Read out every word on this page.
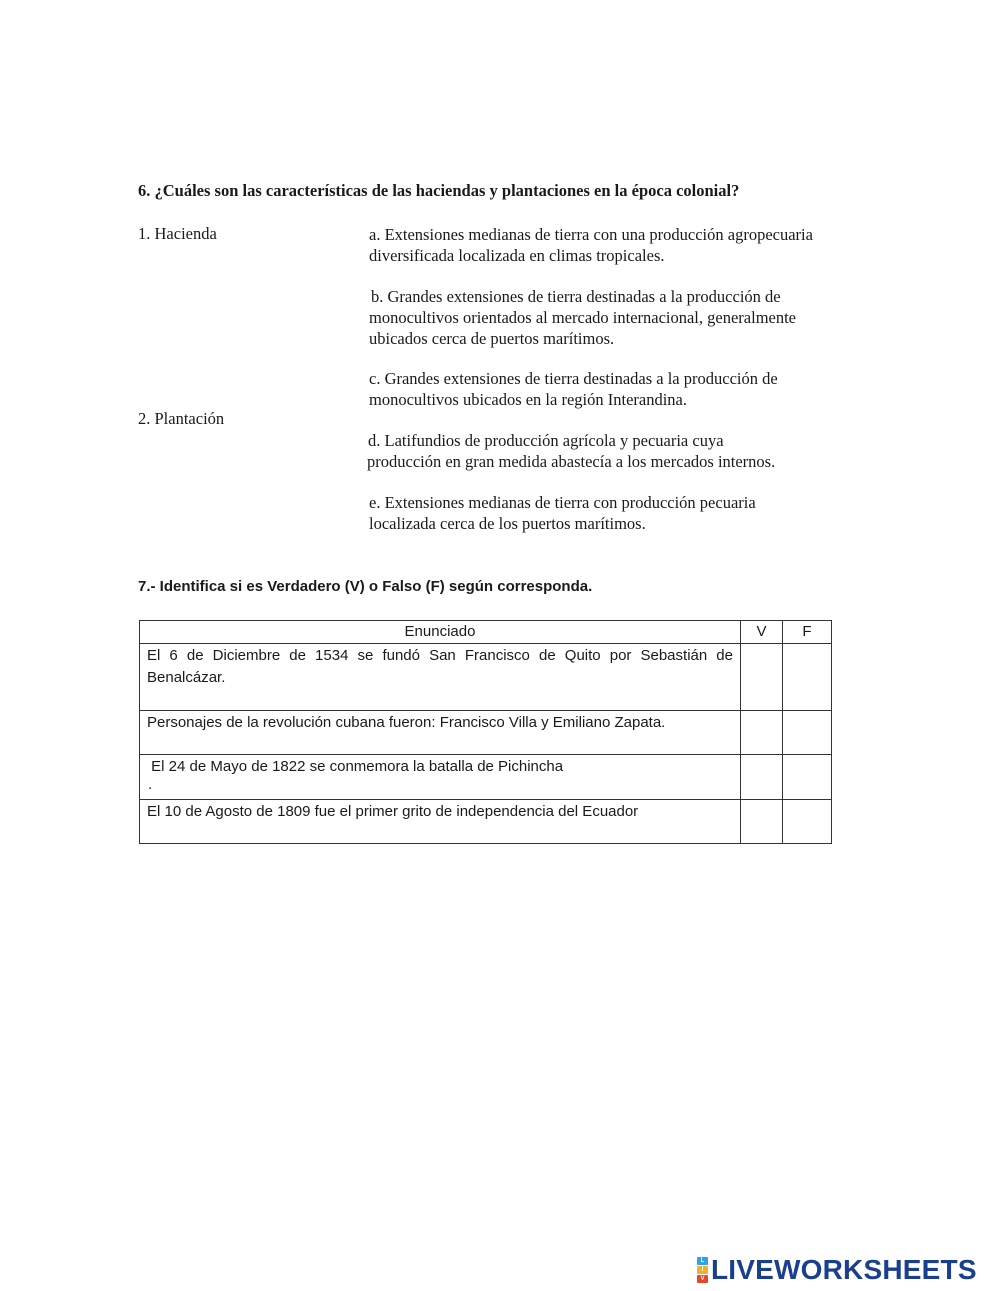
6. ¿Cuáles son las características de las haciendas y plantaciones en la época colonial?
1. Hacienda
2. Plantación
a. Extensiones medianas de tierra con una producción agropecuaria
diversificada localizada en climas tropicales.
b. Grandes extensiones de tierra destinadas a la producción de
monocultivos orientados al mercado internacional, generalmente
ubicados cerca de puertos marítimos.
c. Grandes extensiones de tierra destinadas a la producción de
monocultivos ubicados en la región Interandina.
d. Latifundios de producción agrícola y pecuaria cuya
producción en gran medida abastecía a los mercados internos.
e. Extensiones medianas de tierra con producción pecuaria
localizada cerca de los puertos marítimos.
7.- Identifica si es Verdadero (V) o Falso (F) según corresponda.
Enunciado	V	F
El 6 de Diciembre de 1534 se fundó San Francisco de Quito por Sebastián de Benalcázar.		
Personajes de la revolución cubana fueron: Francisco Villa y Emiliano Zapata.		

El 24 de Mayo de 1822 se conmemora la batalla de Pichincha
.		

El 10 de Agosto de 1809 fue el primer grito de independencia del Ecuador		
L
I
V LIVEWORKSHEETS
